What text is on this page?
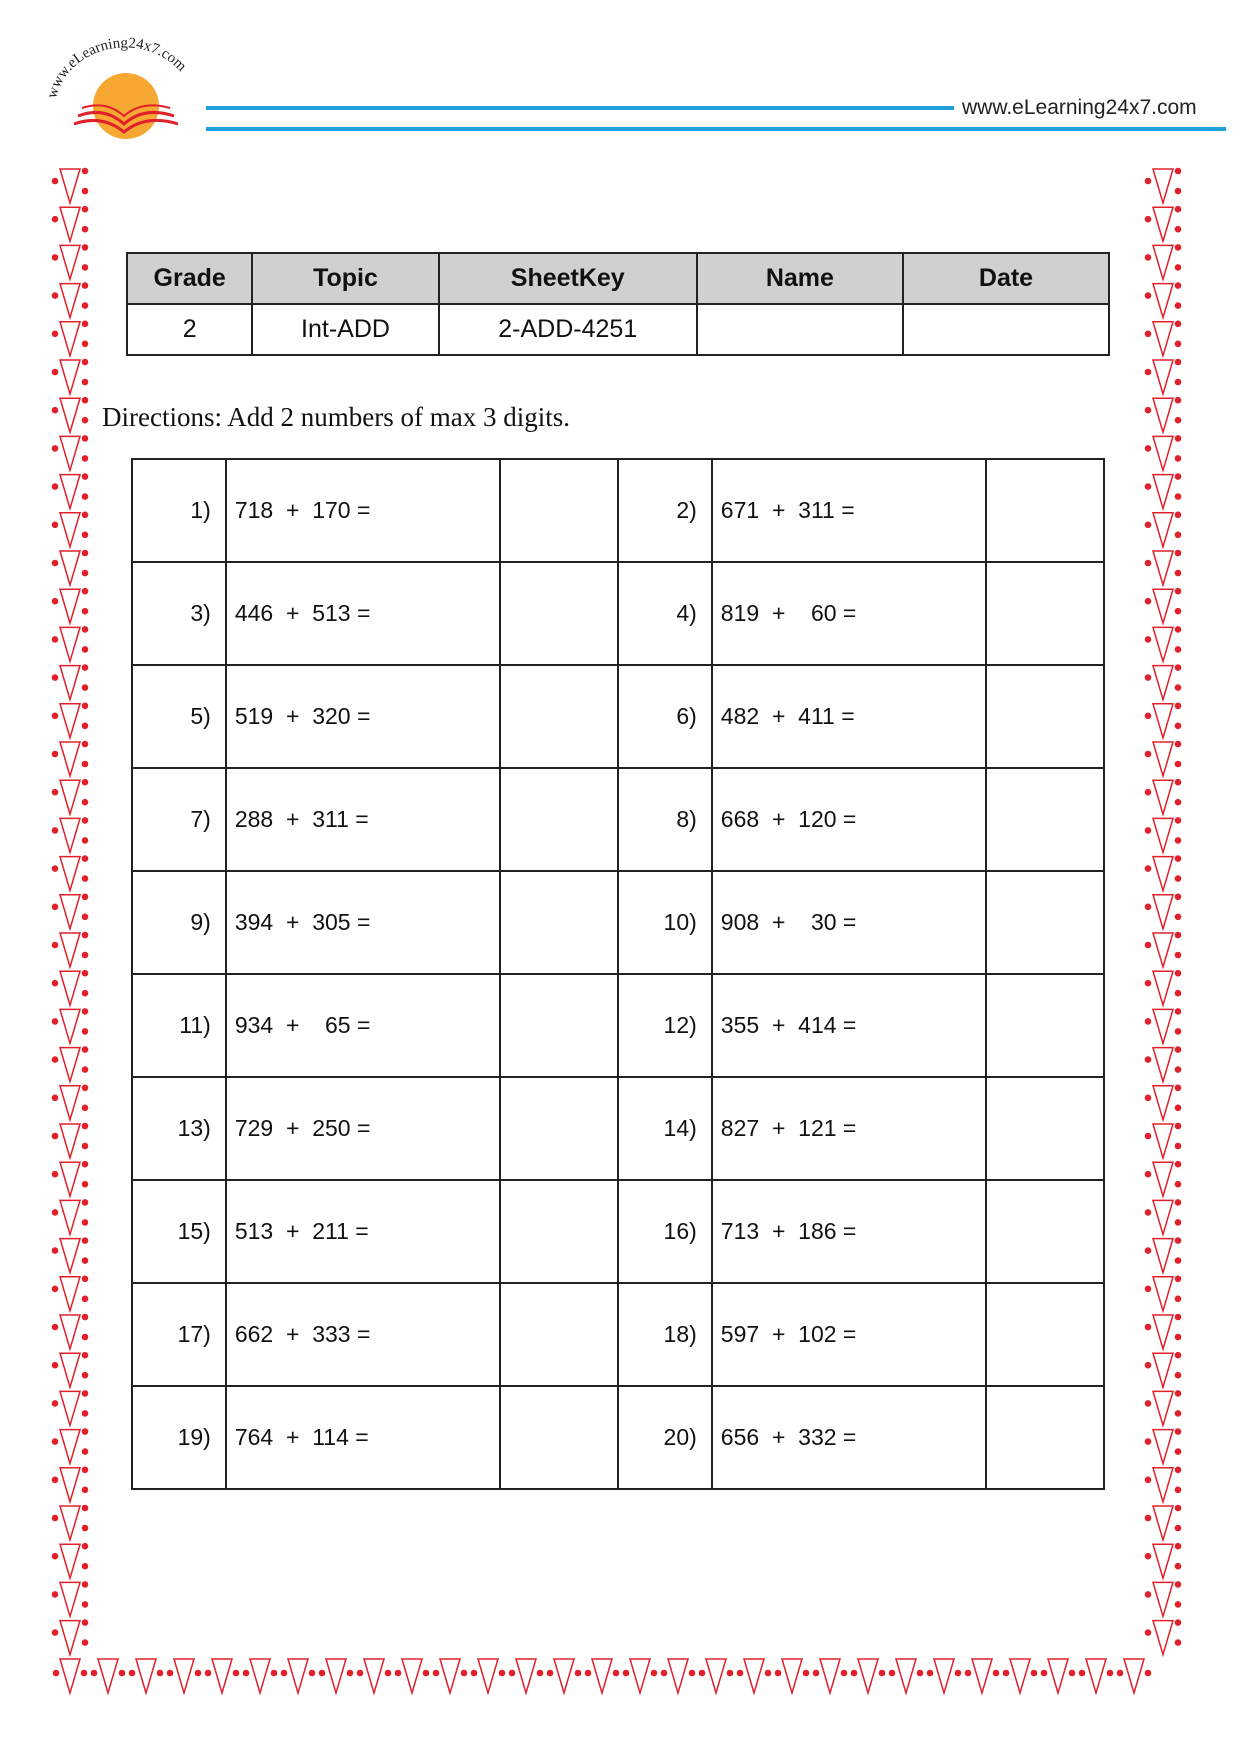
www.eLearning24x7.com
www.eLearning24x7.com
Grade	Topic	SheetKey	Name	Date
2	Int-ADD	2-ADD-4251		
Directions: Add 2 numbers of max 3 digits.
1)	718  +  170 =		2)	671  +  311 =	
3)	446  +  513 =		4)	819  +    60 =	
5)	519  +  320 =		6)	482  +  411 =	
7)	288  +  311 =		8)	668  +  120 =	
9)	394  +  305 =		10)	908  +    30 =	
11)	934  +    65 =		12)	355  +  414 =	
13)	729  +  250 =		14)	827  +  121 =	
15)	513  +  211 =		16)	713  +  186 =	
17)	662  +  333 =		18)	597  +  102 =	
19)	764  +  114 =		20)	656  +  332 =	
